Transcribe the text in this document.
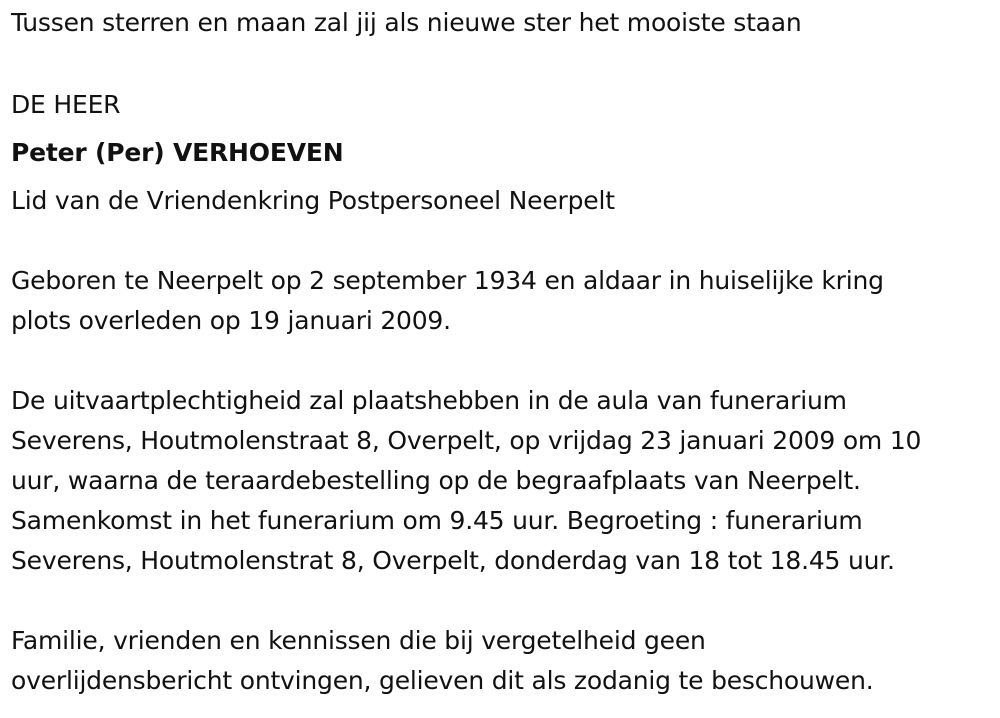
Tussen sterren en maan zal jij als nieuwe ster het mooiste staan
DE HEER
Peter (Per) VERHOEVEN
Lid van de Vriendenkring Postpersoneel Neerpelt
Geboren te Neerpelt op 2 september 1934 en aldaar in huiselijke kring
plots overleden op 19 januari 2009.
De uitvaartplechtigheid zal plaatshebben in de aula van funerarium
Severens, Houtmolenstraat 8, Overpelt, op vrijdag 23 januari 2009 om 10
uur, waarna de teraardebestelling op de begraafplaats van Neerpelt.
Samenkomst in het funerarium om 9.45 uur. Begroeting : funerarium
Severens, Houtmolenstrat 8, Overpelt, donderdag van 18 tot 18.45 uur.
Familie, vrienden en kennissen die bij vergetelheid geen
overlijdensbericht ontvingen, gelieven dit als zodanig te beschouwen.
